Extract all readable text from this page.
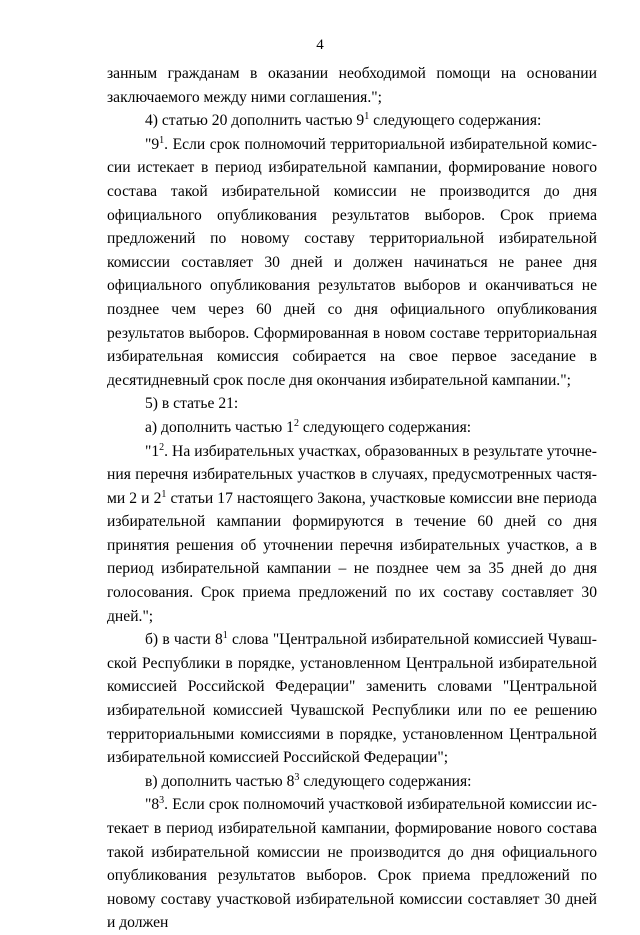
4

занным гражданам в оказании необходимой помощи на основании заключаемого между ними соглашения.";

4) статью 20 дополнить частью $9^1$ следующего содержания:

"$9^1$. Если срок полномочий территориальной избирательной комиссии истекает в период избирательной кампании, формирование нового состава такой избирательной комиссии не производится до дня официального опубликования результатов выборов. Срок приема предложений по новому составу территориальной избирательной комиссии составляет 30 дней и должен начинаться не ранее дня официального опубликования результатов выборов и оканчиваться не позднее чем через 60 дней со дня официального опубликования результатов выборов. Сформированная в новом составе территориальная избирательная комиссия собирается на свое первое заседание в десятидневный срок после дня окончания избирательной кампании.";

5) в статье 21:

а) дополнить частью $1^2$ следующего содержания:

"$1^2$. На избирательных участках, образованных в результате уточнения перечня избирательных участков в случаях, предусмотренных частями 2 и $2^1$ статьи 17 настоящего Закона, участковые комиссии вне периода избирательной кампании формируются в течение 60 дней со дня принятия решения об уточнении перечня избирательных участков, а в период избирательной кампании – не позднее чем за 35 дней до дня голосования. Срок приема предложений по их составу составляет 30 дней.";

б) в части $8^1$ слова "Центральной избирательной комиссией Чувашской Республики в порядке, установленном Центральной избирательной комиссией Российской Федерации" заменить словами "Центральной избирательной комиссией Чувашской Республики или по ее решению территориальными комиссиями в порядке, установленном Центральной избирательной комиссией Российской Федерации";

в) дополнить частью $8^3$ следующего содержания:

"$8^3$. Если срок полномочий участковой избирательной комиссии истекает в период избирательной кампании, формирование нового состава такой избирательной комиссии не производится до дня официального опубликования результатов выборов. Срок приема предложений по новому составу участковой избирательной комиссии составляет 30 дней и должен
